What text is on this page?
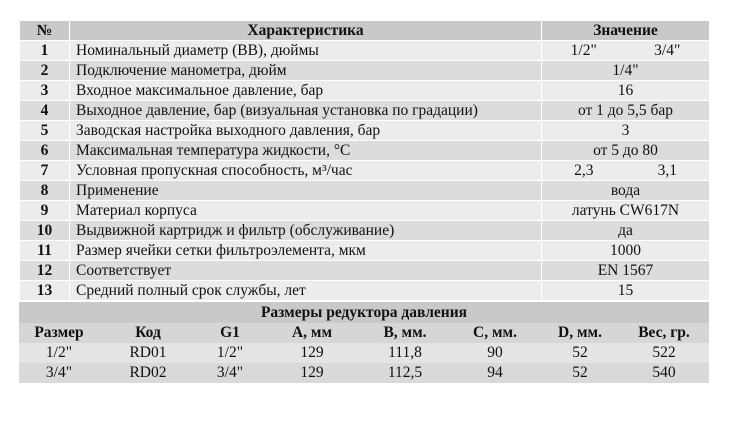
№	Характеристика	Значение
1	Номинальный диаметр (ВВ), дюймы	1/2" 3/4"

2	Подключение манометра, дюйм	1/4"
3	Входное максимальное давление, бар	16
4	Выходное давление, бар (визуальная установка по градации)	от 1 до 5,5 бар
5	Заводская настройка выходного давления, бар	3
6	Максимальная температура жидкости, °С	от 5 до 80
7	Условная пропускная способность, м³/час	2,3 3,1

8	Применение	вода
9	Материал корпуса	латунь CW617N
10	Выдвижной картридж и фильтр (обслуживание)	да
11	Размер ячейки сетки фильтроэлемента, мкм	1000
12	Соответствует	EN 1567
13	Средний полный срок службы, лет	15
Размеры редуктора давления
Размер	Код	G1	А, мм	В, мм.	С, мм.	D, мм.	Вес, гр.
1/2"	RD01	1/2"	129	111,8	90	52	522
3/4"	RD02	3/4"	129	112,5	94	52	540
